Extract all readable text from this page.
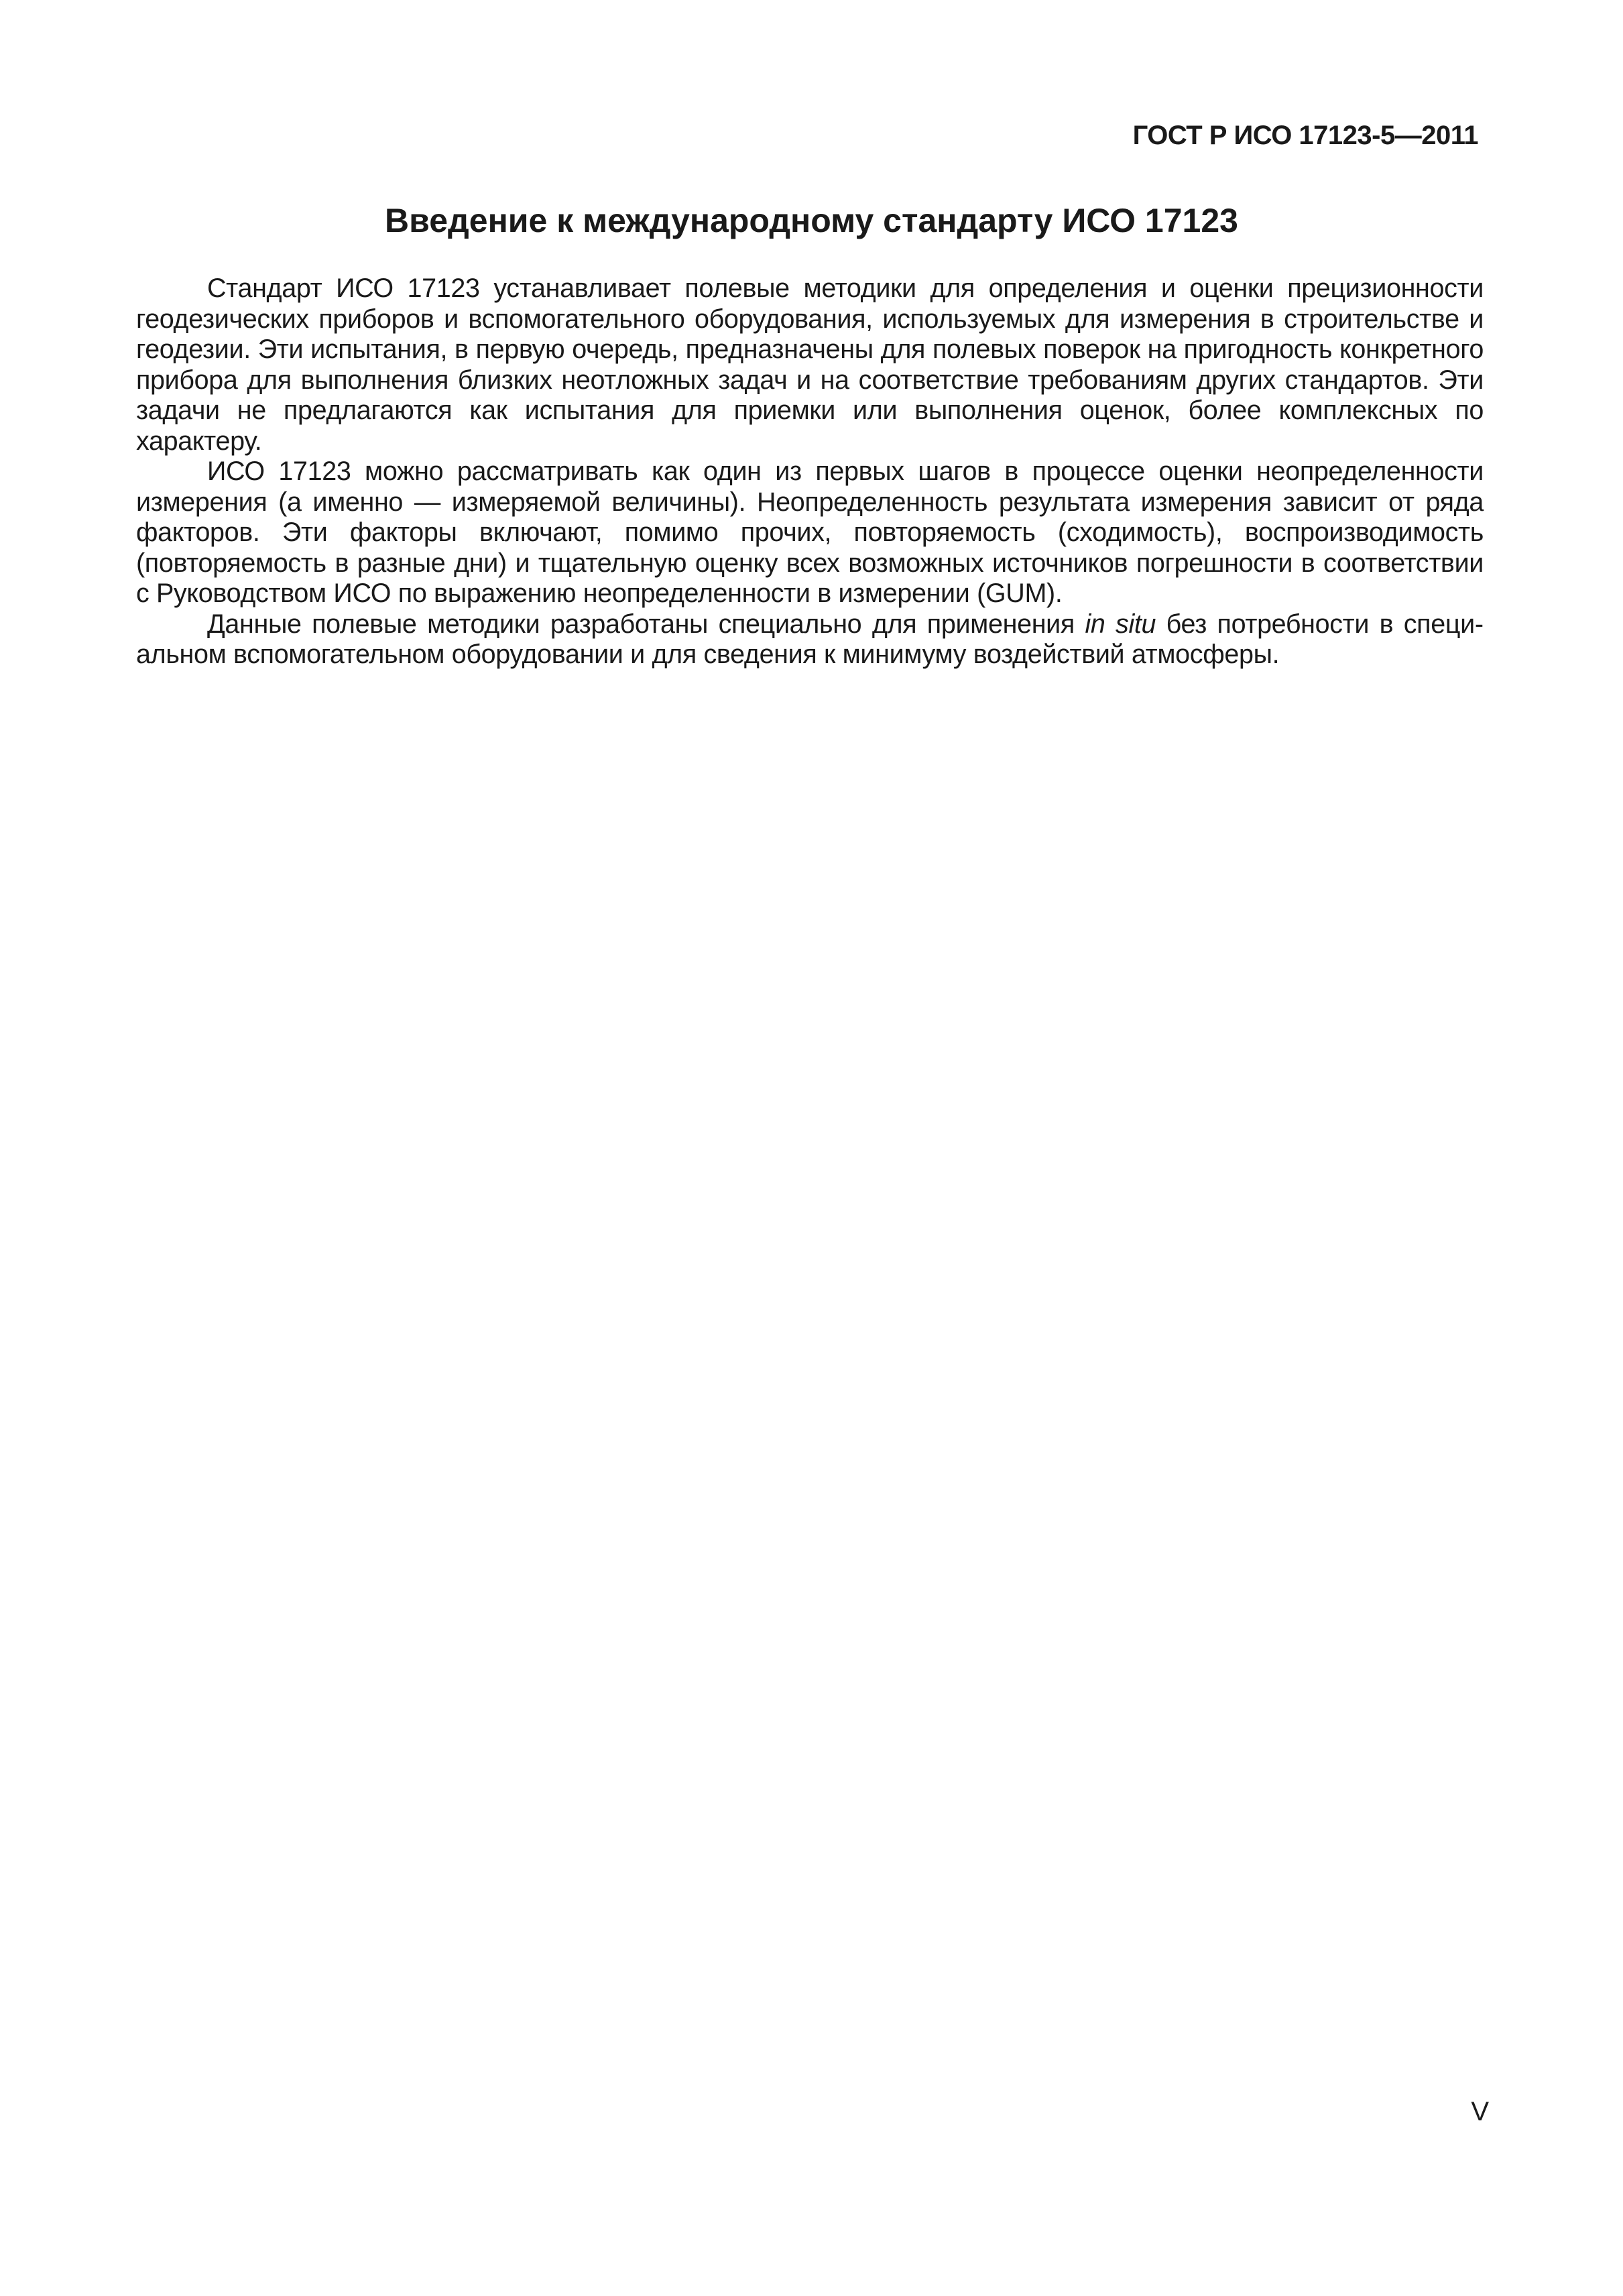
ГОСТ Р ИСО 17123-5—2011
Введение к международному стандарту ИСО 17123

Стандарт ИСО 17123 устанавливает полевые методики для определения и оценки прецизионности геодезических приборов и вспомогательного оборудования, используемых для измерения в строительстве и геодезии. Эти испытания, в первую очередь, предназначены для полевых поверок на пригодность конкретного прибора для выполнения близких неотложных задач и на соответствие требованиям других стандартов. Эти задачи не предлагаются как испытания для приемки или выполнения оценок, более комплексных по характеру.

ИСО 17123 можно рассматривать как один из первых шагов в процессе оценки неопределенности измерения (а именно — измеряемой величины). Неопределенность результата измерения зависит от ряда факторов. Эти факторы включают, помимо прочих, повторяемость (сходимость), воспроизводимость (повторяемость в разные дни) и тщательную оценку всех возможных источников погрешности в соответствии с Руководством ИСО по выражению неопределенности в измерении (GUM).

Данные полевые методики разработаны специально для применения in situ без потребности в специальном вспомогательном оборудовании и для сведения к минимуму воздействий атмосферы.

V
